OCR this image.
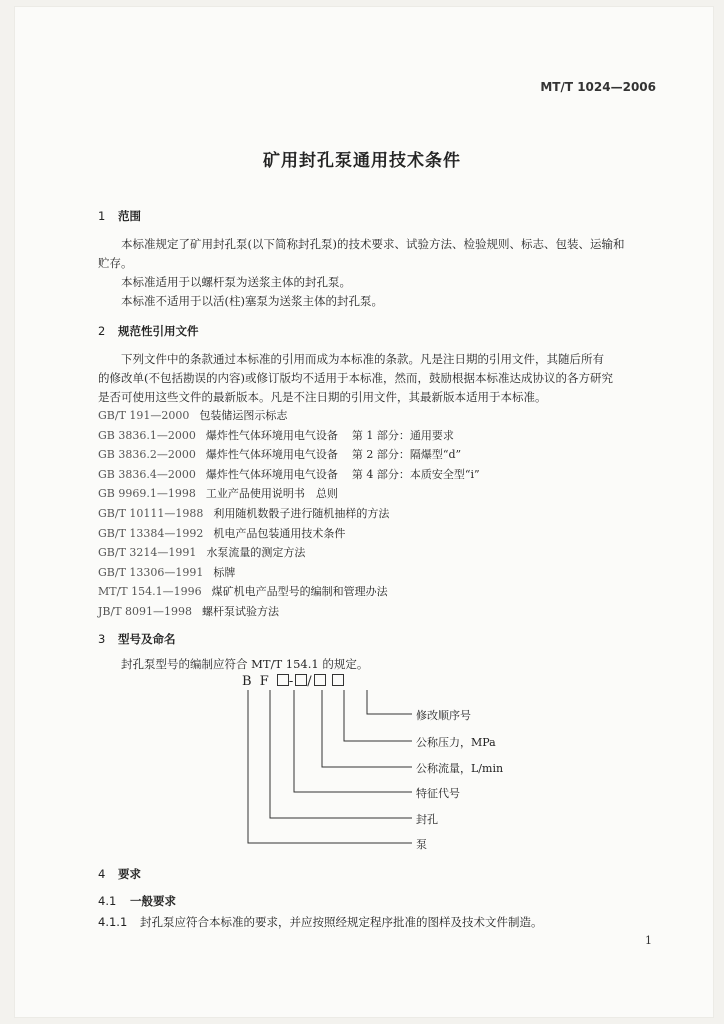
MT/T 1024—2006
矿用封孔泵通用技术条件
1 范围
本标准规定了矿用封孔泵(以下简称封孔泵)的技术要求、试验方法、检验规则、标志、包装、运输和
贮存。
本标准适用于以螺杆泵为送浆主体的封孔泵。
本标准不适用于以活(柱)塞泵为送浆主体的封孔泵。
2 规范性引用文件
下列文件中的条款通过本标准的引用而成为本标准的条款。凡是注日期的引用文件，其随后所有
的修改单(不包括勘误的内容)或修订版均不适用于本标准，然而，鼓励根据本标准达成协议的各方研究
是否可使用这些文件的最新版本。凡是不注日期的引用文件，其最新版本适用于本标准。
GB/T 191—2000 包装储运图示标志
GB 3836.1—2000 爆炸性气体环境用电气设备 第 1 部分：通用要求
GB 3836.2—2000 爆炸性气体环境用电气设备 第 2 部分：隔爆型“d”
GB 3836.4—2000 爆炸性气体环境用电气设备 第 4 部分：本质安全型“i”
GB 9969.1—1998 工业产品使用说明书　总则
GB/T 10111—1988 利用随机数骰子进行随机抽样的方法
GB/T 13384—1992 机电产品包装通用技术条件
GB/T 3214—1991 水泵流量的测定方法
GB/T 13306—1991 标牌
MT/T 154.1—1996 煤矿机电产品型号的编制和管理办法
JB/T 8091—1998 螺杆泵试验方法
3 型号及命名
封孔泵型号的编制应符合 MT/T 154.1 的规定。
B F - /
修改顺序号
公称压力，MPa
公称流量，L/min
特征代号
封孔
泵
4 要求
4.1 一般要求
4.1.1 封孔泵应符合本标准的要求，并应按照经规定程序批准的图样及技术文件制造。
1
